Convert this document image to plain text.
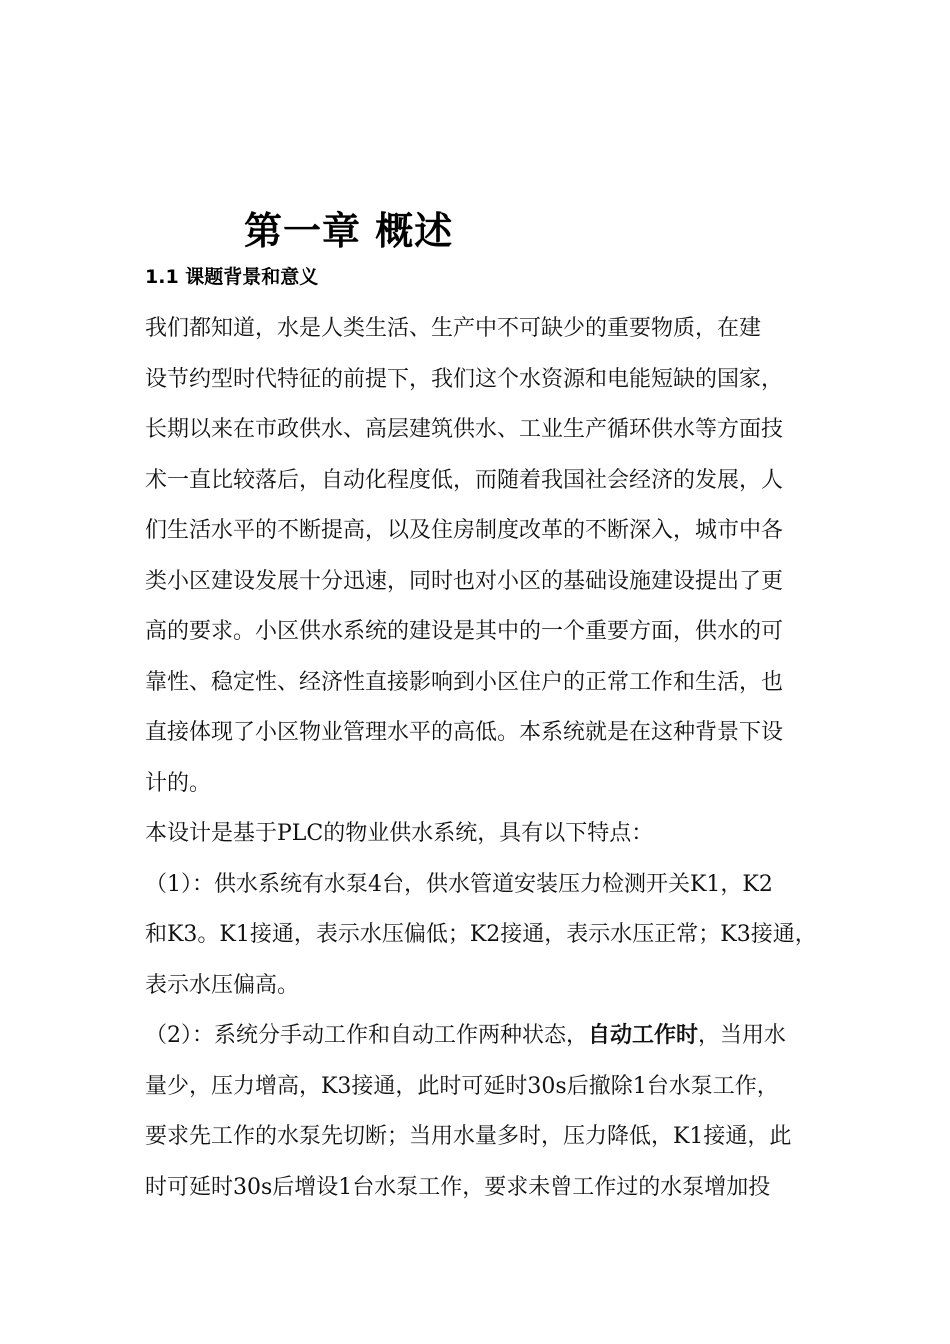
第一章 概述
1.1 课题背景和意义
我们都知道，水是人类生活、生产中不可缺少的重要物质，在建
设节约型时代特征的前提下，我们这个水资源和电能短缺的国家，
长期以来在市政供水、高层建筑供水、工业生产循环供水等方面技
术一直比较落后，自动化程度低，而随着我国社会经济的发展，人
们生活水平的不断提高，以及住房制度改革的不断深入，城市中各
类小区建设发展十分迅速，同时也对小区的基础设施建设提出了更
高的要求。小区供水系统的建设是其中的一个重要方面，供水的可
靠性、稳定性、经济性直接影响到小区住户的正常工作和生活，也
直接体现了小区物业管理水平的高低。本系统就是在这种背景下设
计的。
本设计是基于PLC的物业供水系统，具有以下特点：
（1）：供水系统有水泵4台，供水管道安装压力检测开关K1，K2
和K3。K1接通，表示水压偏低；K2接通，表示水压正常；K3接通，
表示水压偏高。
（2）：系统分手动工作和自动工作两种状态，自动工作时，当用水
量少，压力增高，K3接通，此时可延时30s后撤除1台水泵工作，
要求先工作的水泵先切断；当用水量多时，压力降低，K1接通，此
时可延时30s后增设1台水泵工作，要求未曾工作过的水泵增加投
